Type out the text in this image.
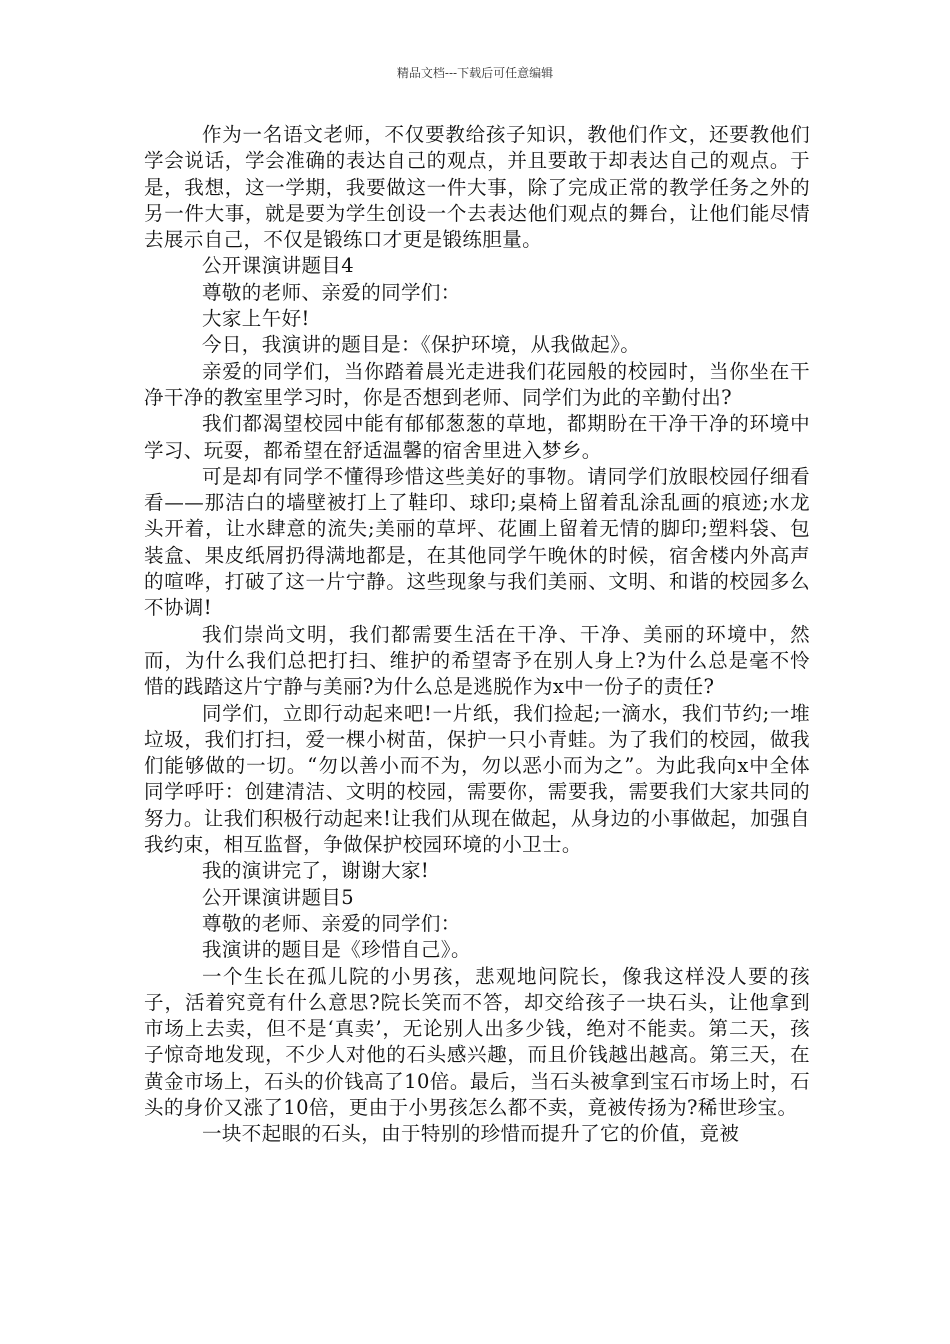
精品文档---下载后可任意编辑

作为一名语文老师，不仅要教给孩子知识，教他们作文，还要教他们学会说话，学会准确的表达自己的观点，并且要敢于却表达自己的观点。于是，我想，这一学期，我要做这一件大事，除了完成正常的教学任务之外的另一件大事，就是要为学生创设一个去表达他们观点的舞台，让他们能尽情去展示自己，不仅是锻练口才更是锻练胆量。

公开课演讲题目4

尊敬的老师、亲爱的同学们：

大家上午好!

今日，我演讲的题目是：《保护环境，从我做起》。

亲爱的同学们，当你踏着晨光走进我们花园般的校园时，当你坐在干净干净的教室里学习时，你是否想到老师、同学们为此的辛勤付出?

我们都渴望校园中能有郁郁葱葱的草地，都期盼在干净干净的环境中学习、玩耍，都希望在舒适温馨的宿舍里进入梦乡。

可是却有同学不懂得珍惜这些美好的事物。请同学们放眼校园仔细看看——那洁白的墙壁被打上了鞋印、球印;桌椅上留着乱涂乱画的痕迹;水龙头开着，让水肆意的流失;美丽的草坪、花圃上留着无情的脚印;塑料袋、包装盒、果皮纸屑扔得满地都是，在其他同学午晚休的时候，宿舍楼内外高声的喧哗，打破了这一片宁静。这些现象与我们美丽、文明、和谐的校园多么不协调!

我们崇尚文明，我们都需要生活在干净、干净、美丽的环境中，然而，为什么我们总把打扫、维护的希望寄予在别人身上?为什么总是毫不怜惜的践踏这片宁静与美丽?为什么总是逃脱作为x中一份子的责任?

同学们，立即行动起来吧!一片纸，我们捡起;一滴水，我们节约;一堆垃圾，我们打扫，爱一棵小树苗，保护一只小青蛙。为了我们的校园，做我们能够做的一切。“勿以善小而不为，勿以恶小而为之”。为此我向x中全体同学呼吁：创建清洁、文明的校园，需要你，需要我，需要我们大家共同的努力。让我们积极行动起来!让我们从现在做起，从身边的小事做起，加强自我约束，相互监督，争做保护校园环境的小卫士。

我的演讲完了，谢谢大家!

公开课演讲题目5

尊敬的老师、亲爱的同学们：

我演讲的题目是《珍惜自己》。

一个生长在孤儿院的小男孩，悲观地问院长，像我这样没人要的孩子，活着究竟有什么意思?院长笑而不答，却交给孩子一块石头，让他拿到市场上去卖，但不是‘真卖’，无论别人出多少钱，绝对不能卖。第二天，孩子惊奇地发现，不少人对他的石头感兴趣，而且价钱越出越高。第三天，在黄金市场上，石头的价钱高了10倍。最后，当石头被拿到宝石市场上时，石头的身价又涨了10倍，更由于小男孩怎么都不卖，竟被传扬为?稀世珍宝。

一块不起眼的石头，由于特别的珍惜而提升了它的价值，竟被
